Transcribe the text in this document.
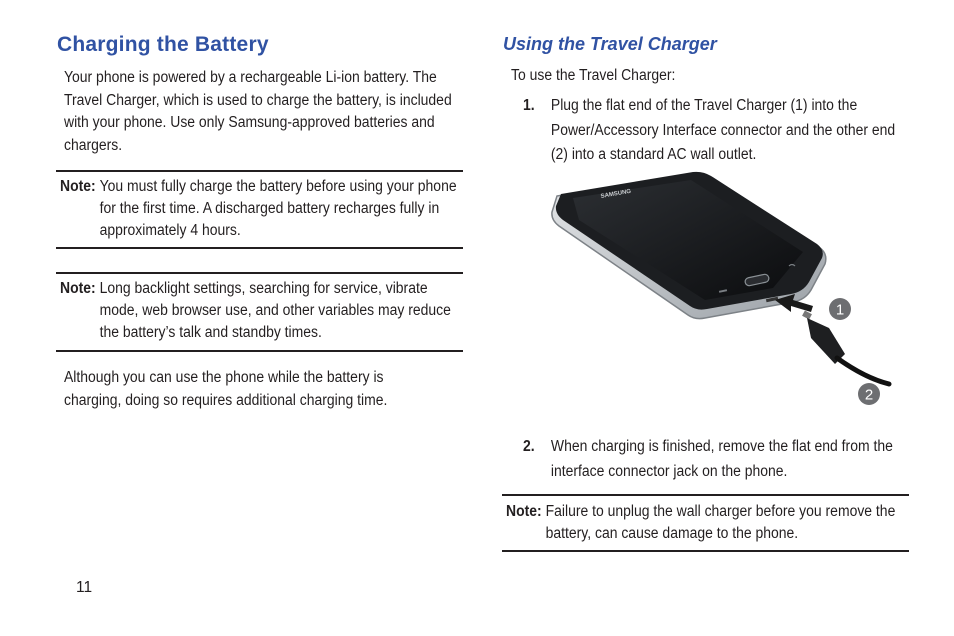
Charging the Battery
Your phone is powered by a rechargeable Li-ion battery. The Travel Charger, which is used to charge the battery, is included with your phone. Use only Samsung-approved batteries and chargers.
Note: You must fully charge the battery before using your phone for the first time. A discharged battery recharges fully in approximately 4 hours.
Note: Long backlight settings, searching for service, vibrate mode, web browser use, and other variables may reduce the battery’s talk and standby times.
Although you can use the phone while the battery is charging, doing so requires additional charging time.
11
Using the Travel Charger
To use the Travel Charger:
1.	Plug the flat end of the Travel Charger (1) into the Power/Accessory Interface connector and the other end (2) into a standard AC wall outlet.
SAMSUNG
1
2
2.	When charging is finished, remove the flat end from the interface connector jack on the phone.
Note: Failure to unplug the wall charger before you remove the battery, can cause damage to the phone.
